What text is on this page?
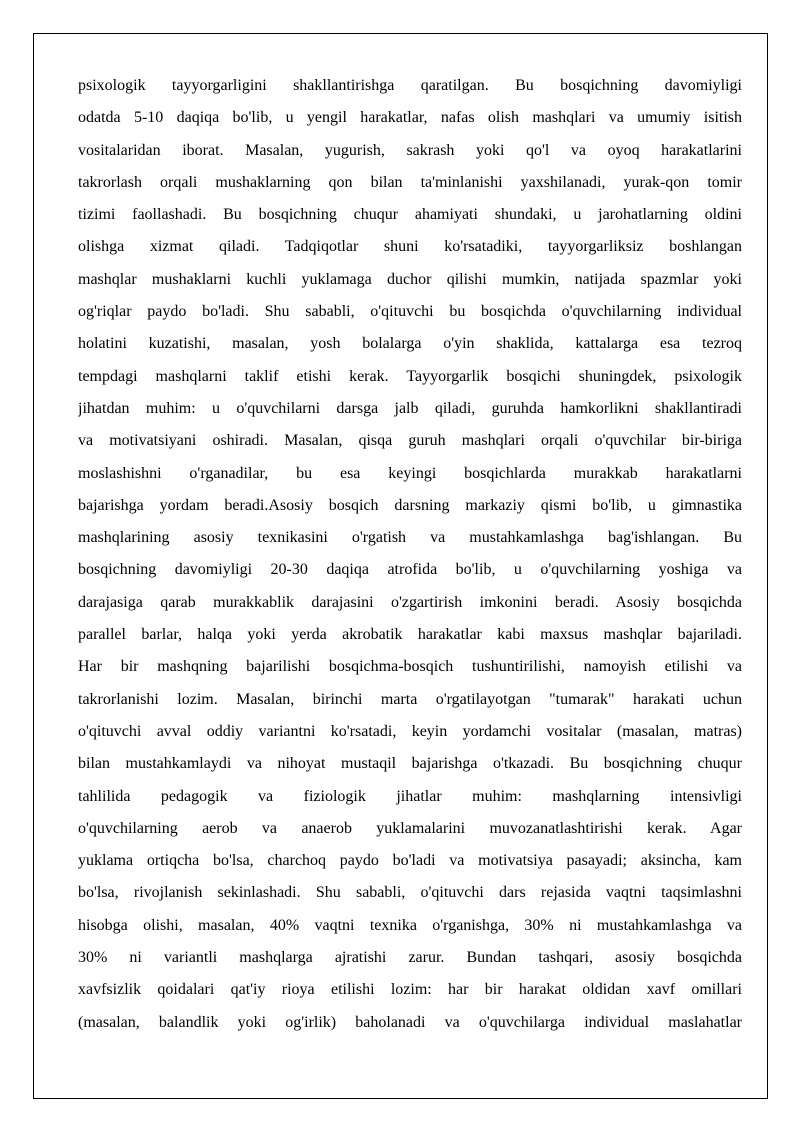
psixologik tayyorgarligini shakllantirishga qaratilgan. Bu bosqichning davomiyligi
odatda 5-10 daqiqa bo'lib, u yengil harakatlar, nafas olish mashqlari va umumiy isitish
vositalaridan iborat. Masalan, yugurish, sakrash yoki qo'l va oyoq harakatlarini
takrorlash orqali mushaklarning qon bilan ta'minlanishi yaxshilanadi, yurak-qon tomir
tizimi faollashadi. Bu bosqichning chuqur ahamiyati shundaki, u jarohatlarning oldini
olishga xizmat qiladi. Tadqiqotlar shuni ko'rsatadiki, tayyorgarliksiz boshlangan
mashqlar mushaklarni kuchli yuklamaga duchor qilishi mumkin, natijada spazmlar yoki
og'riqlar paydo bo'ladi. Shu sababli, o'qituvchi bu bosqichda o'quvchilarning individual
holatini kuzatishi, masalan, yosh bolalarga o'yin shaklida, kattalarga esa tezroq
tempdagi mashqlarni taklif etishi kerak. Tayyorgarlik bosqichi shuningdek, psixologik
jihatdan muhim: u o'quvchilarni darsga jalb qiladi, guruhda hamkorlikni shakllantiradi
va motivatsiyani oshiradi. Masalan, qisqa guruh mashqlari orqali o'quvchilar bir-biriga
moslashishni o'rganadilar, bu esa keyingi bosqichlarda murakkab harakatlarni
bajarishga yordam beradi.Asosiy bosqich darsning markaziy qismi bo'lib, u gimnastika
mashqlarining asosiy texnikasini o'rgatish va mustahkamlashga bag'ishlangan. Bu
bosqichning davomiyligi 20-30 daqiqa atrofida bo'lib, u o'quvchilarning yoshiga va
darajasiga qarab murakkablik darajasini o'zgartirish imkonini beradi. Asosiy bosqichda
parallel barlar, halqa yoki yerda akrobatik harakatlar kabi maxsus mashqlar bajariladi.
Har bir mashqning bajarilishi bosqichma-bosqich tushuntirilishi, namoyish etilishi va
takrorlanishi lozim. Masalan, birinchi marta o'rgatilayotgan "tumarak" harakati uchun
o'qituvchi avval oddiy variantni ko'rsatadi, keyin yordamchi vositalar (masalan, matras)
bilan mustahkamlaydi va nihoyat mustaqil bajarishga o'tkazadi. Bu bosqichning chuqur
tahlilida pedagogik va fiziologik jihatlar muhim: mashqlarning intensivligi
o'quvchilarning aerob va anaerob yuklamalarini muvozanatlashtirishi kerak. Agar
yuklama ortiqcha bo'lsa, charchoq paydo bo'ladi va motivatsiya pasayadi; aksincha, kam
bo'lsa, rivojlanish sekinlashadi. Shu sababli, o'qituvchi dars rejasida vaqtni taqsimlashni
hisobga olishi, masalan, 40% vaqtni texnika o'rganishga, 30% ni mustahkamlashga va
30% ni variantli mashqlarga ajratishi zarur. Bundan tashqari, asosiy bosqichda
xavfsizlik qoidalari qat'iy rioya etilishi lozim: har bir harakat oldidan xavf omillari
(masalan, balandlik yoki og'irlik) baholanadi va o'quvchilarga individual maslahatlar
